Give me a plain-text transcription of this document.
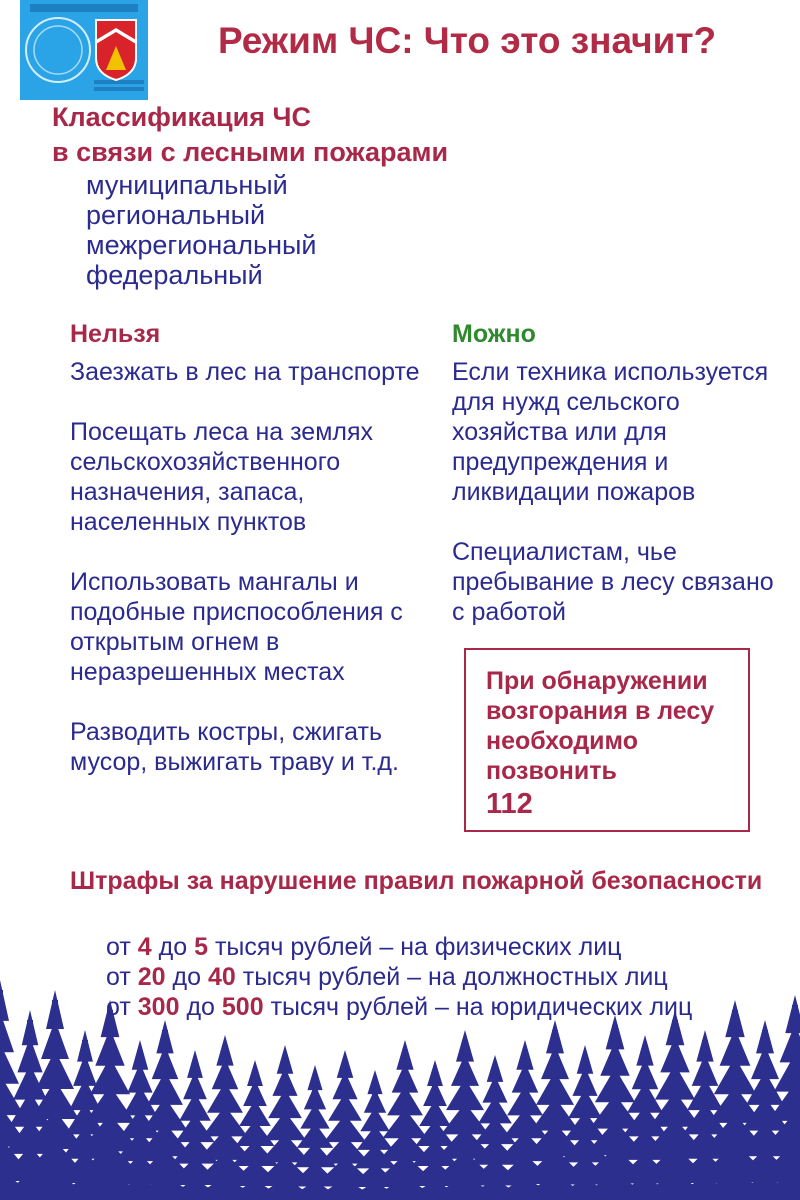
Режим ЧС: Что это значит?
Классификация ЧС
в связи с лесными пожарами
муниципальный
региональный
межрегиональный
федеральный
Нельзя	Можно

Заезжать в лес на транспорте

Посещать леса на землях сельскохозяйственного назначения, запаса, населенных пунктов

Использовать мангалы и подобные приспособления с открытым огнем в неразрешенных местах

Разводить костры, сжигать мусор, выжигать траву и т.д.

Если техника используется для нужд сельского хозяйства или для предупреждения и ликвидации пожаров

Специалистам, чье пребывание в лесу связано с работой

При обнаружении
возгорания в лесу
необходимо
позвонить
112
Штрафы за нарушение правил пожарной безопасности
от 4 до 5 тысяч рублей – на физических лиц
от 20 до 40 тысяч рублей – на должностных лиц
от 300 до 500 тысяч рублей – на юридических лиц
